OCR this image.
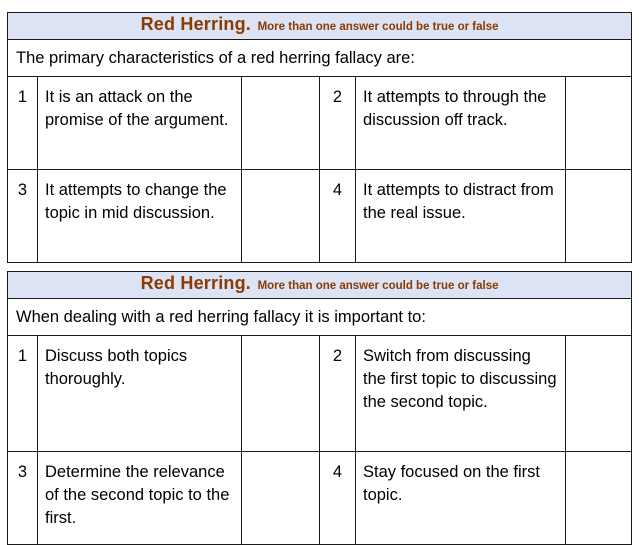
Red Herring. More than one answer could be true or false					
The primary characteristics of a red herring fallacy are:					
1	It is an attack on the promise of the argument.		2	It attempts to through the discussion off track.	
3	It attempts to change the topic in mid discussion.		4	It attempts to distract from the real issue.	
Red Herring. More than one answer could be true or false					
When dealing with a red herring fallacy it is important to:					
1	Discuss both topics thoroughly.		2	Switch from discussing the first topic to discussing the second topic.	
3	Determine the relevance of the second topic to the first.		4	Stay focused on the first topic.	
